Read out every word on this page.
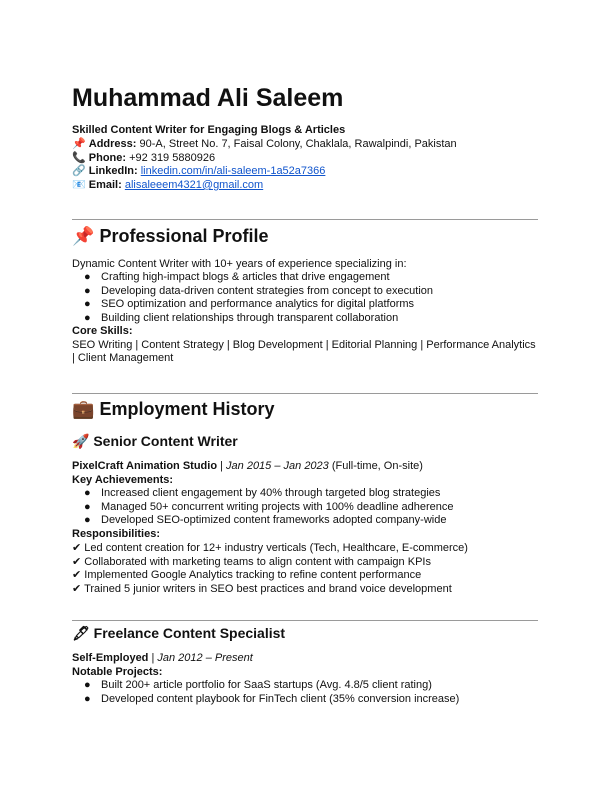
Muhammad Ali Saleem
Skilled Content Writer for Engaging Blogs & Articles
📌 Address: 90-A, Street No. 7, Faisal Colony, Chaklala, Rawalpindi, Pakistan
📞 Phone: +92 319 5880926
🔗 LinkedIn: linkedin.com/in/ali-saleem-1a52a7366
📧 Email: alisaleeem4321@gmail.com
📌 Professional Profile
Dynamic Content Writer with 10+ years of experience specializing in:
● Crafting high-impact blogs & articles that drive engagement
● Developing data-driven content strategies from concept to execution
● SEO optimization and performance analytics for digital platforms
● Building client relationships through transparent collaboration
Core Skills:
SEO Writing | Content Strategy | Blog Development | Editorial Planning | Performance Analytics
| Client Management
💼 Employment History
🚀 Senior Content Writer
PixelCraft Animation Studio | Jan 2015 – Jan 2023 (Full-time, On-site)
Key Achievements:
● Increased client engagement by 40% through targeted blog strategies
● Managed 50+ concurrent writing projects with 100% deadline adherence
● Developed SEO-optimized content frameworks adopted company-wide
Responsibilities:
✔ Led content creation for 12+ industry verticals (Tech, Healthcare, E-commerce)
✔ Collaborated with marketing teams to align content with campaign KPIs
✔ Implemented Google Analytics tracking to refine content performance
✔ Trained 5 junior writers in SEO best practices and brand voice development
🖋 Freelance Content Specialist
Self-Employed | Jan 2012 – Present
Notable Projects:
● Built 200+ article portfolio for SaaS startups (Avg. 4.8/5 client rating)
● Developed content playbook for FinTech client (35% conversion increase)
